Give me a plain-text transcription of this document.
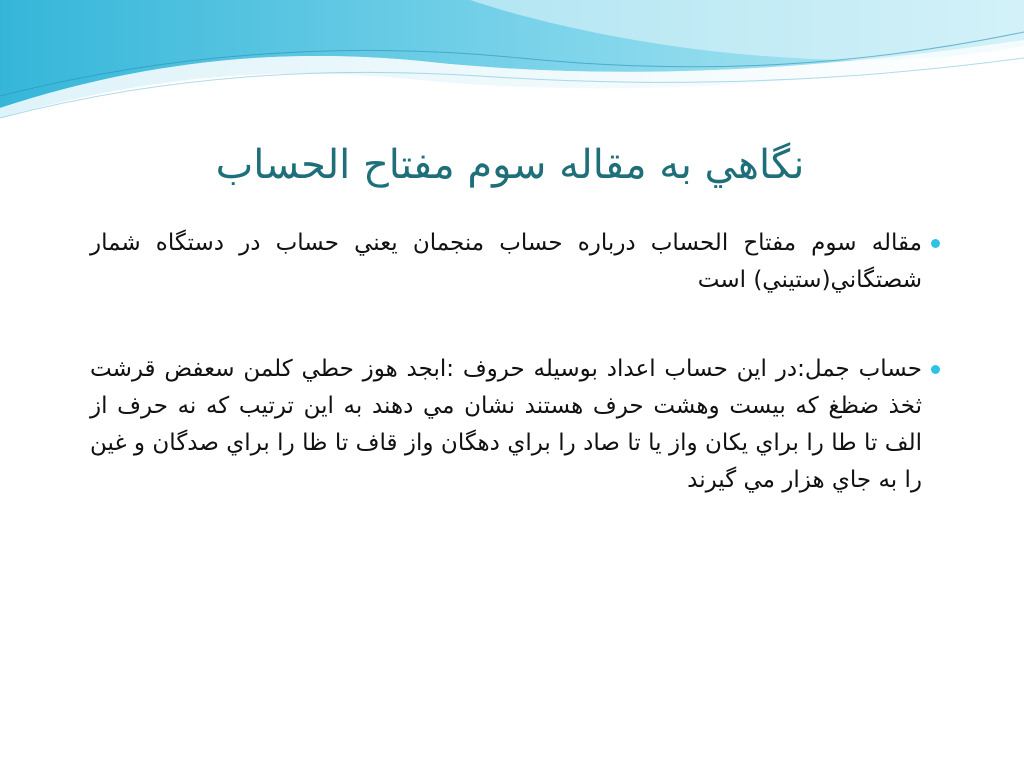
نگاهي به مقاله سوم مفتاح الحساب
مقاله سوم مفتاح الحساب درباره حساب منجمان يعني حساب در دستگاه شمار شصتگاني(ستيني) است
حساب جمل:در اين حساب اعداد بوسيله حروف :ابجد هوز حطي كلمن سعفض قرشت ثخذ ضظغ كه بيست وهشت حرف هستند نشان مي دهند به اين ترتيب كه نه حرف از الف تا طا را براي يكان واز يا تا صاد را براي دهگان واز قاف تا ظا را براي صدگان و غين را به جاي هزار مي گيرند
